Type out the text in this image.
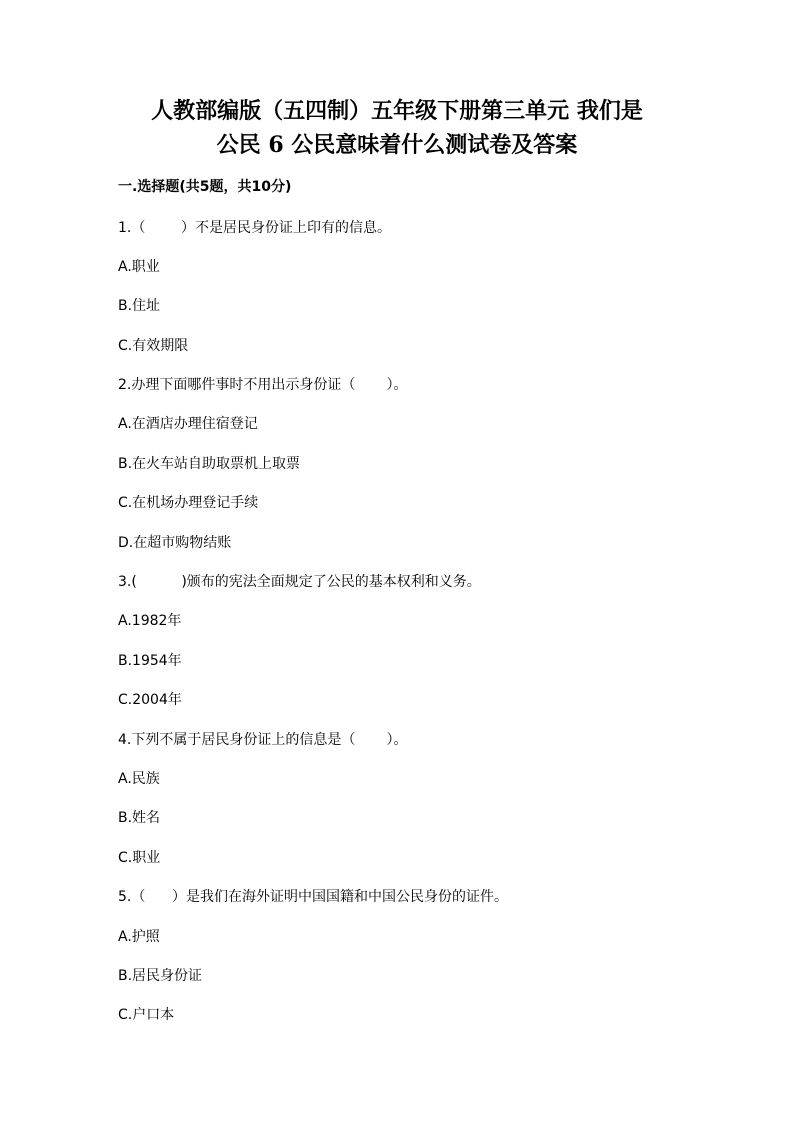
人教部编版（五四制）五年级下册第三单元 我们是
公民 6 公民意味着什么测试卷及答案
一.选择题(共5题，共10分)
1.（        ）不是居民身份证上印有的信息。
A.职业
B.住址
C.有效期限
2.办理下面哪件事时不用出示身份证（       ）。
A.在酒店办理住宿登记
B.在火车站自助取票机上取票
C.在机场办理登记手续
D.在超市购物结账
3.(          )颁布的宪法全面规定了公民的基本权利和义务。
A.1982年
B.1954年
C.2004年
4.下列不属于居民身份证上的信息是（       ）。
A.民族
B.姓名
C.职业
5.（      ）是我们在海外证明中国国籍和中国公民身份的证件。
A.护照
B.居民身份证
C.户口本
